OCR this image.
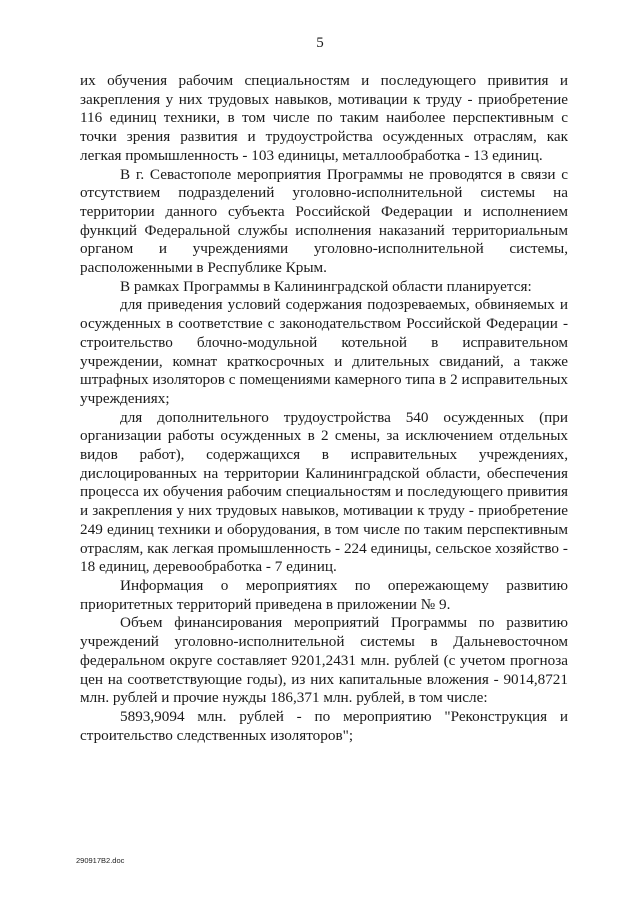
5

их обучения рабочим специальностям и последующего привития и закрепления у них трудовых навыков, мотивации к труду - приобретение 116 единиц техники, в том числе по таким наиболее перспективным с точки зрения развития и трудоустройства осужденных отраслям, как легкая промышленность - 103 единицы, металлообработка - 13 единиц.

В г. Севастополе мероприятия Программы не проводятся в связи с отсутствием подразделений уголовно-исполнительной системы на территории данного субъекта Российской Федерации и исполнением функций Федеральной службы исполнения наказаний территориальным органом и учреждениями уголовно-исполнительной системы, расположенными в Республике Крым.

В рамках Программы в Калининградской области планируется:

для приведения условий содержания подозреваемых, обвиняемых и осужденных в соответствие с законодательством Российской Федерации - строительство блочно-модульной котельной в исправительном учреждении, комнат краткосрочных и длительных свиданий, а также штрафных изоляторов с помещениями камерного типа в 2 исправительных учреждениях;

для дополнительного трудоустройства 540 осужденных (при организации работы осужденных в 2 смены, за исключением отдельных видов работ), содержащихся в исправительных учреждениях, дислоцированных на территории Калининградской области, обеспечения процесса их обучения рабочим специальностям и последующего привития и закрепления у них трудовых навыков, мотивации к труду - приобретение 249 единиц техники и оборудования, в том числе по таким перспективным отраслям, как легкая промышленность - 224 единицы, сельское хозяйство - 18 единиц, деревообработка - 7 единиц.

Информация о мероприятиях по опережающему развитию приоритетных территорий приведена в приложении № 9.

Объем финансирования мероприятий Программы по развитию учреждений уголовно-исполнительной системы в Дальневосточном федеральном округе составляет 9201,2431 млн. рублей (с учетом прогноза цен на соответствующие годы), из них капитальные вложения - 9014,8721 млн. рублей и прочие нужды 186,371 млн. рублей, в том числе:

5893,9094 млн. рублей - по мероприятию "Реконструкция и строительство следственных изоляторов";

290917B2.doc
